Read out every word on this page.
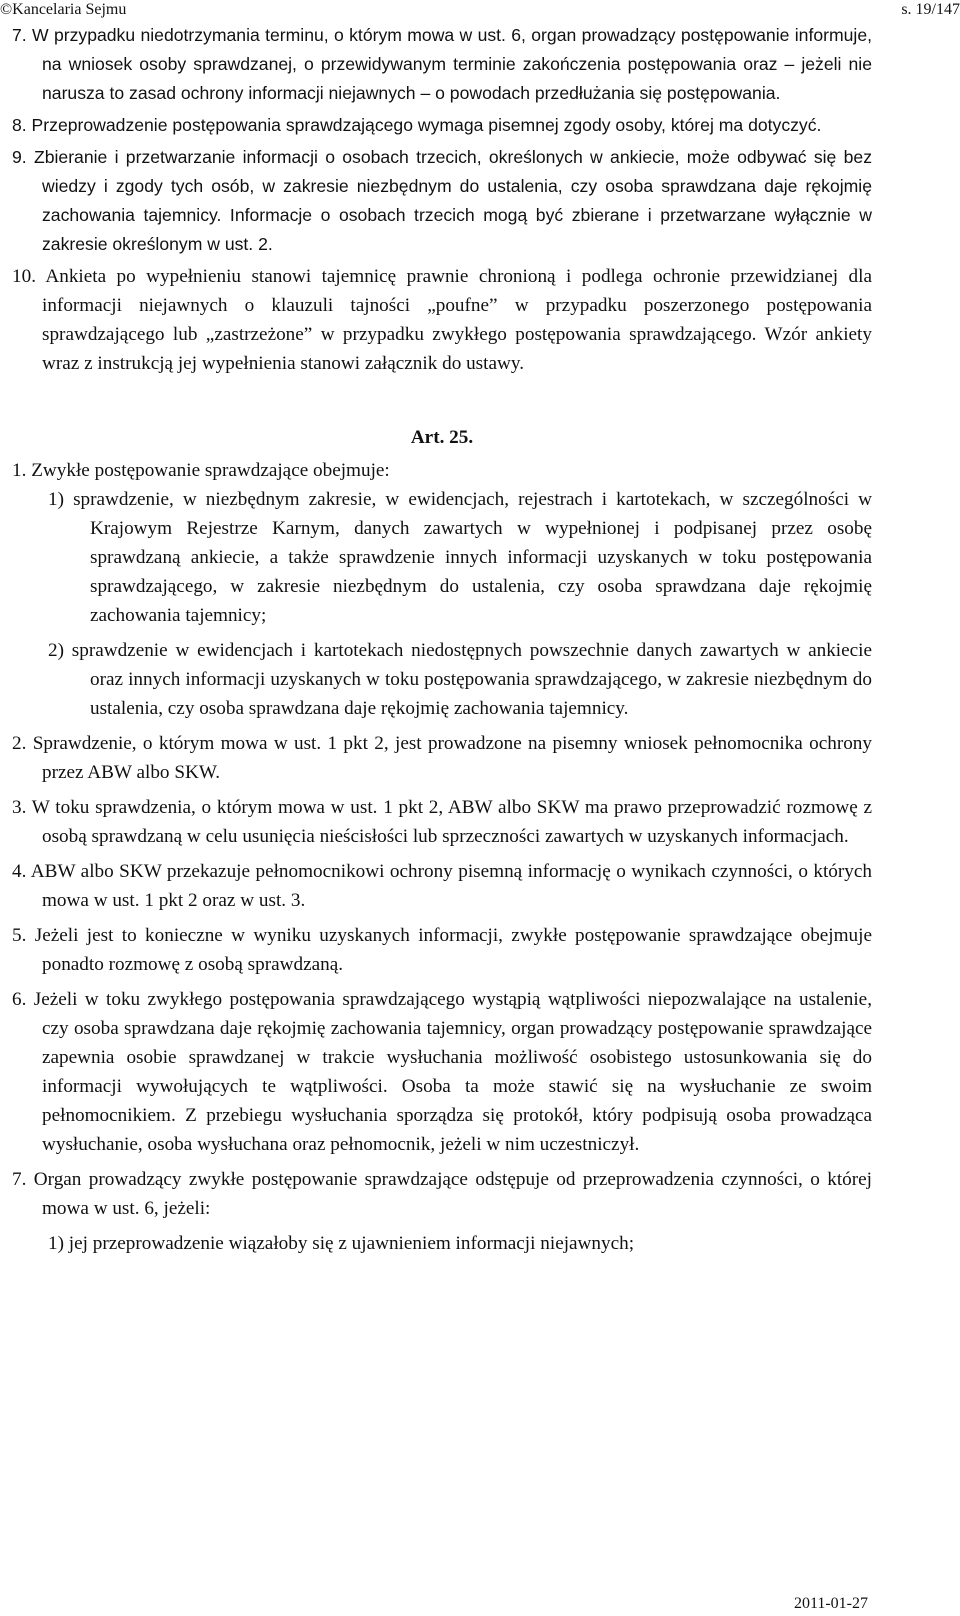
©Kancelaria Sejmu	s. 19/147

7. W przypadku niedotrzymania terminu, o którym mowa w ust. 6, organ prowadzący postępowanie informuje, na wniosek osoby sprawdzanej, o przewidywanym terminie zakończenia postępowania oraz – jeżeli nie narusza to zasad ochrony informacji niejawnych – o powodach przedłużania się postępowania.

8. Przeprowadzenie postępowania sprawdzającego wymaga pisemnej zgody osoby, której ma dotyczyć.

9. Zbieranie i przetwarzanie informacji o osobach trzecich, określonych w ankiecie, może odbywać się bez wiedzy i zgody tych osób, w zakresie niezbędnym do ustalenia, czy osoba sprawdzana daje rękojmię zachowania tajemnicy. Informacje o osobach trzecich mogą być zbierane i przetwarzane wyłącznie w zakresie określonym w ust. 2.

10. Ankieta po wypełnieniu stanowi tajemnicę prawnie chronioną i podlega ochronie przewidzianej dla informacji niejawnych o klauzuli tajności „poufne” w przypadku poszerzonego postępowania sprawdzającego lub „zastrzeżone” w przypadku zwykłego postępowania sprawdzającego. Wzór ankiety wraz z instrukcją jej wypełnienia stanowi załącznik do ustawy.

Art. 25.

1. Zwykłe postępowanie sprawdzające obejmuje:

1) sprawdzenie, w niezbędnym zakresie, w ewidencjach, rejestrach i kartotekach, w szczególności w Krajowym Rejestrze Karnym, danych zawartych w wypełnionej i podpisanej przez osobę sprawdzaną ankiecie, a także sprawdzenie innych informacji uzyskanych w toku postępowania sprawdzającego, w zakresie niezbędnym do ustalenia, czy osoba sprawdzana daje rękojmię zachowania tajemnicy;

2) sprawdzenie w ewidencjach i kartotekach niedostępnych powszechnie danych zawartych w ankiecie oraz innych informacji uzyskanych w toku postępowania sprawdzającego, w zakresie niezbędnym do ustalenia, czy osoba sprawdzana daje rękojmię zachowania tajemnicy.

2. Sprawdzenie, o którym mowa w ust. 1 pkt 2, jest prowadzone na pisemny wniosek pełnomocnika ochrony przez ABW albo SKW.

3. W toku sprawdzenia, o którym mowa w ust. 1 pkt 2, ABW albo SKW ma prawo przeprowadzić rozmowę z osobą sprawdzaną w celu usunięcia nieścisłości lub sprzeczności zawartych w uzyskanych informacjach.

4. ABW albo SKW przekazuje pełnomocnikowi ochrony pisemną informację o wynikach czynności, o których mowa w ust. 1 pkt 2 oraz w ust. 3.

5. Jeżeli jest to konieczne w wyniku uzyskanych informacji, zwykłe postępowanie sprawdzające obejmuje ponadto rozmowę z osobą sprawdzaną.

6. Jeżeli w toku zwykłego postępowania sprawdzającego wystąpią wątpliwości niepozwalające na ustalenie, czy osoba sprawdzana daje rękojmię zachowania tajemnicy, organ prowadzący postępowanie sprawdzające zapewnia osobie sprawdzanej w trakcie wysłuchania możliwość osobistego ustosunkowania się do informacji wywołujących te wątpliwości. Osoba ta może stawić się na wysłuchanie ze swoim pełnomocnikiem. Z przebiegu wysłuchania sporządza się protokół, który podpisują osoba prowadząca wysłuchanie, osoba wysłuchana oraz pełnomocnik, jeżeli w nim uczestniczył.

7. Organ prowadzący zwykłe postępowanie sprawdzające odstępuje od przeprowadzenia czynności, o której mowa w ust. 6, jeżeli:

1) jej przeprowadzenie wiązałoby się z ujawnieniem informacji niejawnych;

2011-01-27
